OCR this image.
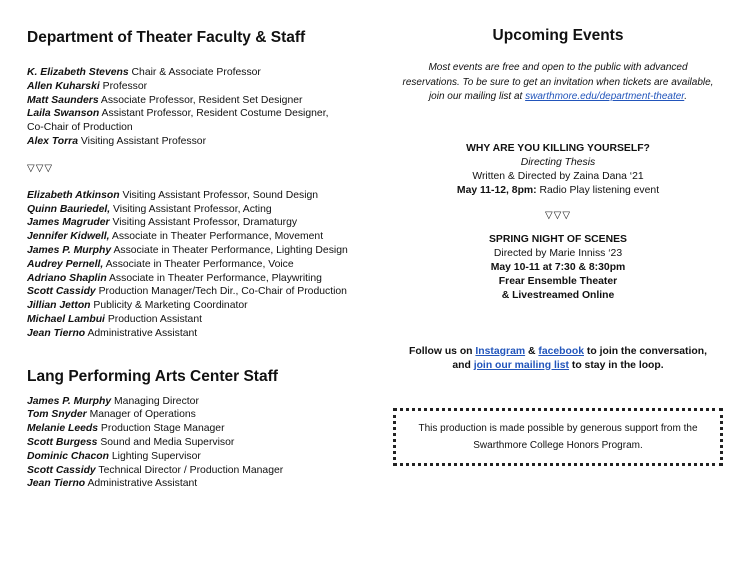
Department of Theater Faculty & Staff
K. Elizabeth Stevens Chair & Associate Professor
Allen Kuharski Professor
Matt Saunders Associate Professor, Resident Set Designer
Laila Swanson Assistant Professor, Resident Costume Designer,
Co-Chair of Production
Alex Torra Visiting Assistant Professor
▽▽▽
Elizabeth Atkinson Visiting Assistant Professor, Sound Design
Quinn Bauriedel, Visiting Assistant Professor, Acting
James Magruder Visiting Assistant Professor, Dramaturgy
Jennifer Kidwell, Associate in Theater Performance, Movement
James P. Murphy Associate in Theater Performance, Lighting Design
Audrey Pernell, Associate in Theater Performance, Voice
Adriano Shaplin Associate in Theater Performance, Playwriting
Scott Cassidy Production Manager/Tech Dir., Co-Chair of Production
Jillian Jetton Publicity & Marketing Coordinator
Michael Lambui Production Assistant
Jean Tierno Administrative Assistant
Lang Performing Arts Center Staff
James P. Murphy Managing Director
Tom Snyder Manager of Operations
Melanie Leeds Production Stage Manager
Scott Burgess Sound and Media Supervisor
Dominic Chacon Lighting Supervisor
Scott Cassidy Technical Director / Production Manager
Jean Tierno Administrative Assistant
Upcoming Events
Most events are free and open to the public with advanced
reservations. To be sure to get an invitation when tickets are available,
join our mailing list at swarthmore.edu/department-theater.
WHY ARE YOU KILLING YOURSELF?
Directing Thesis
Written & Directed by Zaina Dana ‘21
May 11-12, 8pm: Radio Play listening event
▽▽▽
SPRING NIGHT OF SCENES
Directed by Marie Inniss ‘23
May 10-11 at 7:30 & 8:30pm
Frear Ensemble Theater
& Livestreamed Online
Follow us on Instagram & facebook to join the conversation,
and join our mailing list to stay in the loop.
This production is made possible by generous support from the
Swarthmore College Honors Program.
